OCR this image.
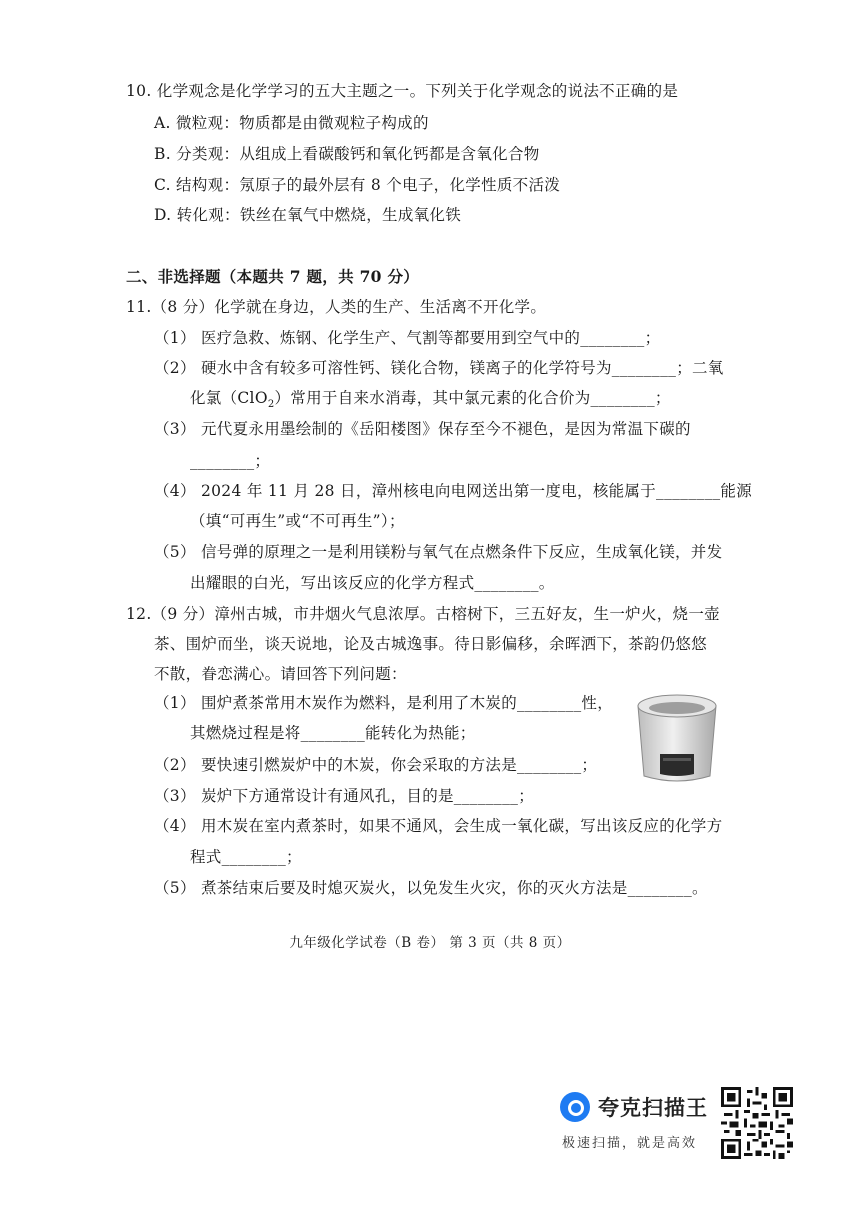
10. 化学观念是化学学习的五大主题之一。下列关于化学观念的说法不正确的是
A. 微粒观：物质都是由微观粒子构成的
B. 分类观：从组成上看碳酸钙和氧化钙都是含氧化合物
C. 结构观：氖原子的最外层有 8 个电子，化学性质不活泼
D. 转化观：铁丝在氧气中燃烧，生成氧化铁
二、非选择题（本题共 7 题，共 70 分）
11.（8 分）化学就在身边，人类的生产、生活离不开化学。
（1） 医疗急救、炼钢、化学生产、气割等都要用到空气中的________；
（2） 硬水中含有较多可溶性钙、镁化合物，镁离子的化学符号为________；二氧
化氯（ClO$_2$）常用于自来水消毒，其中氯元素的化合价为________；
（3） 元代夏永用墨绘制的《岳阳楼图》保存至今不褪色，是因为常温下碳的
________；
（4） 2024 年 11 月 28 日，漳州核电向电网送出第一度电，核能属于________能源
（填“可再生”或“不可再生”）；
（5） 信号弹的原理之一是利用镁粉与氧气在点燃条件下反应，生成氧化镁，并发
出耀眼的白光，写出该反应的化学方程式________。
12.（9 分）漳州古城，市井烟火气息浓厚。古榕树下，三五好友，生一炉火，烧一壶
茶、围炉而坐，谈天说地，论及古城逸事。待日影偏移，余晖洒下，茶韵仍悠悠
不散，眷恋满心。请回答下列问题：
（1） 围炉煮茶常用木炭作为燃料，是利用了木炭的________性，
其燃烧过程是将________能转化为热能；
（2） 要快速引燃炭炉中的木炭，你会采取的方法是________；
（3） 炭炉下方通常设计有通风孔，目的是________；
（4） 用木炭在室内煮茶时，如果不通风，会生成一氧化碳，写出该反应的化学方
程式________；
（5） 煮茶结束后要及时熄灭炭火，以免发生火灾，你的灭火方法是________。
九年级化学试卷（B 卷） 第 3 页（共 8 页）
夸克扫描王
极速扫描，就是高效
